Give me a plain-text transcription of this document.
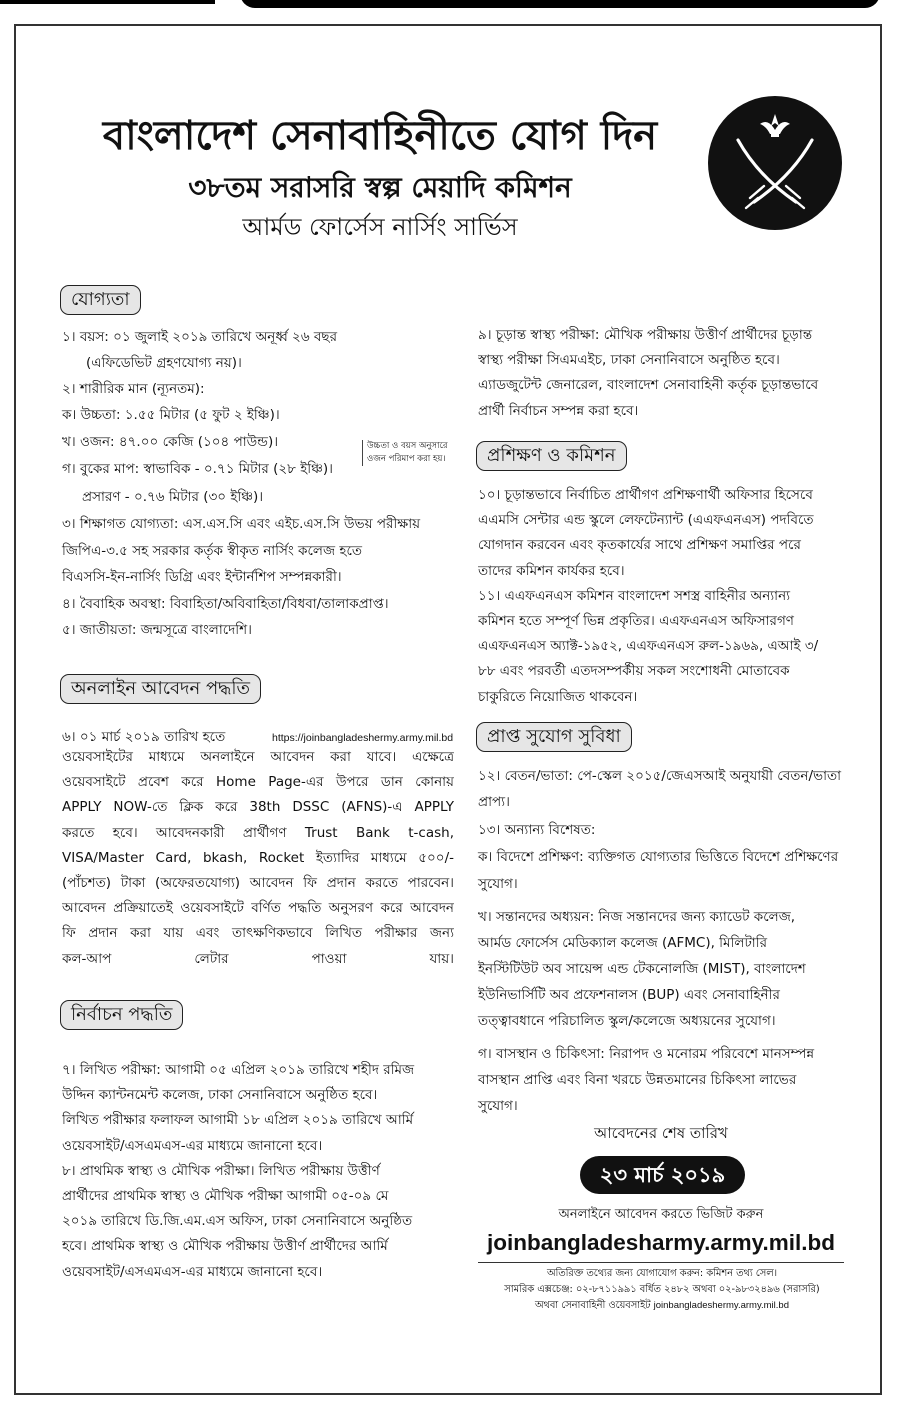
বাংলাদেশ সেনাবাহিনীতে যোগ দিন
৩৮তম সরাসরি স্বল্প মেয়াদি কমিশন
আর্মড ফোর্সেস নার্সিং সার্ভিস
যোগ্যতা
১। বয়স: ০১ জুলাই ২০১৯ তারিখে অনূর্ধ্ব ২৬ বছর
(এফিডেভিট গ্রহণযোগ্য নয়)।
২। শারীরিক মান (ন্যূনতম):
ক। উচ্চতা: ১.৫৫ মিটার (৫ ফুট ২ ইঞ্চি)।
খ। ওজন: ৪৭.০০ কেজি (১০৪ পাউন্ড)।
গ। বুকের মাপ: স্বাভাবিক - ০.৭১ মিটার (২৮ ইঞ্চি)।
প্রসারণ - ০.৭৬ মিটার (৩০ ইঞ্চি)।
৩। শিক্ষাগত যোগ্যতা: এস.এস.সি এবং এইচ.এস.সি উভয় পরীক্ষায়
জিপিএ-৩.৫ সহ সরকার কর্তৃক স্বীকৃত নার্সিং কলেজ হতে
বিএসসি-ইন-নার্সিং ডিগ্রি এবং ইন্টার্নশিপ সম্পন্নকারী।
৪। বৈবাহিক অবস্থা: বিবাহিতা/অবিবাহিতা/বিধবা/তালাকপ্রাপ্ত।
৫। জাতীয়তা: জন্মসূত্রে বাংলাদেশি।
উচ্চতা ও বয়স অনুসারে
ওজন পরিমাপ করা হয়।
অনলাইন আবেদন পদ্ধতি
৬। ০১ মার্চ ২০১৯ তারিখ হতে	https://joinbangladeshermy.army.mil.bd
ওয়েবসাইটের মাধ্যমে অনলাইনে আবেদন করা যাবে। এক্ষেত্রে
ওয়েবসাইটে প্রবেশ করে Home Page-এর উপরে ডান কোনায়
APPLY NOW-তে ক্লিক করে 38th DSSC (AFNS)-এ APPLY
করতে হবে। আবেদনকারী প্রার্থীগণ Trust Bank t-cash,
VISA/Master Card, bkash, Rocket ইত্যাদির মাধ্যমে ৫০০/-
(পাঁচশত) টাকা (অফেরতযোগ্য) আবেদন ফি প্রদান করতে পারবেন।
আবেদন প্রক্রিয়াতেই ওয়েবসাইটে বর্ণিত পদ্ধতি অনুসরণ করে আবেদন
ফি প্রদান করা যায় এবং তাৎক্ষণিকভাবে লিখিত পরীক্ষার জন্য
কল-আপ লেটার পাওয়া যায়।
নির্বাচন পদ্ধতি
৭। লিখিত পরীক্ষা: আগামী ০৫ এপ্রিল ২০১৯ তারিখে শহীদ রমিজ
উদ্দিন ক্যান্টনমেন্ট কলেজ, ঢাকা সেনানিবাসে অনুষ্ঠিত হবে।
লিখিত পরীক্ষার ফলাফল আগামী ১৮ এপ্রিল ২০১৯ তারিখে আর্মি
ওয়েবসাইট/এসএমএস-এর মাধ্যমে জানানো হবে।
৮। প্রাথমিক স্বাস্থ্য ও মৌখিক পরীক্ষা। লিখিত পরীক্ষায় উত্তীর্ণ
প্রার্থীদের প্রাথমিক স্বাস্থ্য ও মৌখিক পরীক্ষা আগামী ০৫-০৯ মে
২০১৯ তারিখে ডি.জি.এম.এস অফিস, ঢাকা সেনানিবাসে অনুষ্ঠিত
হবে। প্রাথমিক স্বাস্থ্য ও মৌখিক পরীক্ষায় উত্তীর্ণ প্রার্থীদের আর্মি
ওয়েবসাইট/এসএমএস-এর মাধ্যমে জানানো হবে।
৯। চূড়ান্ত স্বাস্থ্য পরীক্ষা: মৌখিক পরীক্ষায় উত্তীর্ণ প্রার্থীদের চূড়ান্ত
স্বাস্থ্য পরীক্ষা সিএমএইচ, ঢাকা সেনানিবাসে অনুষ্ঠিত হবে।
এ্যাডজুটেন্ট জেনারেল, বাংলাদেশ সেনাবাহিনী কর্তৃক চূড়ান্তভাবে
প্রার্থী নির্বাচন সম্পন্ন করা হবে।
প্রশিক্ষণ ও কমিশন
১০। চূড়ান্তভাবে নির্বাচিত প্রার্থীগণ প্রশিক্ষণার্থী অফিসার হিসেবে
এএমসি সেন্টার এন্ড স্কুলে লেফটেন্যান্ট (এএফএনএস) পদবিতে
যোগদান করবেন এবং কৃতকার্যের সাথে প্রশিক্ষণ সমাপ্তির পরে
তাদের কমিশন কার্যকর হবে।
১১। এএফএনএস কমিশন বাংলাদেশ সশস্ত্র বাহিনীর অন্যান্য
কমিশন হতে সম্পূর্ণ ভিন্ন প্রকৃতির। এএফএনএস অফিসারগণ
এএফএনএস অ্যাক্ট-১৯৫২, এএফএনএস রুল-১৯৬৯, এআই ৩/
৮৮ এবং পরবর্তী এতদসম্পর্কীয় সকল সংশোধনী মোতাবেক
চাকুরিতে নিয়োজিত থাকবেন।
প্রাপ্ত সুযোগ সুবিধা
১২। বেতন/ভাতা: পে-স্কেল ২০১৫/জেএসআই অনুযায়ী বেতন/ভাতা
প্রাপ্য।
১৩। অন্যান্য বিশেষত:
ক। বিদেশে প্রশিক্ষণ: ব্যক্তিগত যোগ্যতার ভিত্তিতে বিদেশে প্রশিক্ষণের
সুযোগ।
খ। সন্তানদের অধ্যয়ন: নিজ সন্তানদের জন্য ক্যাডেট কলেজ,
আর্মড ফোর্সেস মেডিক্যাল কলেজ (AFMC), মিলিটারি
ইনস্টিটিউট অব সায়েন্স এন্ড টেকনোলজি (MIST), বাংলাদেশ
ইউনিভার্সিটি অব প্রফেশনালস (BUP) এবং সেনাবাহিনীর
তত্ত্বাবধানে পরিচালিত স্কুল/কলেজে অধ্যয়নের সুযোগ।
গ। বাসস্থান ও চিকিৎসা: নিরাপদ ও মনোরম পরিবেশে মানসম্পন্ন
বাসস্থান প্রাপ্তি এবং বিনা খরচে উন্নতমানের চিকিৎসা লাভের
সুযোগ।
আবেদনের শেষ তারিখ
২৩ মার্চ ২০১৯
অনলাইনে আবেদন করতে ভিজিট করুন
joinbangladesharmy.army.mil.bd
অতিরিক্ত তথ্যের জন্য যোগাযোগ করুন: কমিশন তথ্য সেল।
সামরিক এক্সচেঞ্জ: ০২-৮৭১১৯৯১ বর্ধিত ২৪৮২ অথবা ০২-৯৮৩২৪৯৬ (সরাসরি)
অথবা সেনাবাহিনী ওয়েবসাইট joinbangladeshermy.army.mil.bd
